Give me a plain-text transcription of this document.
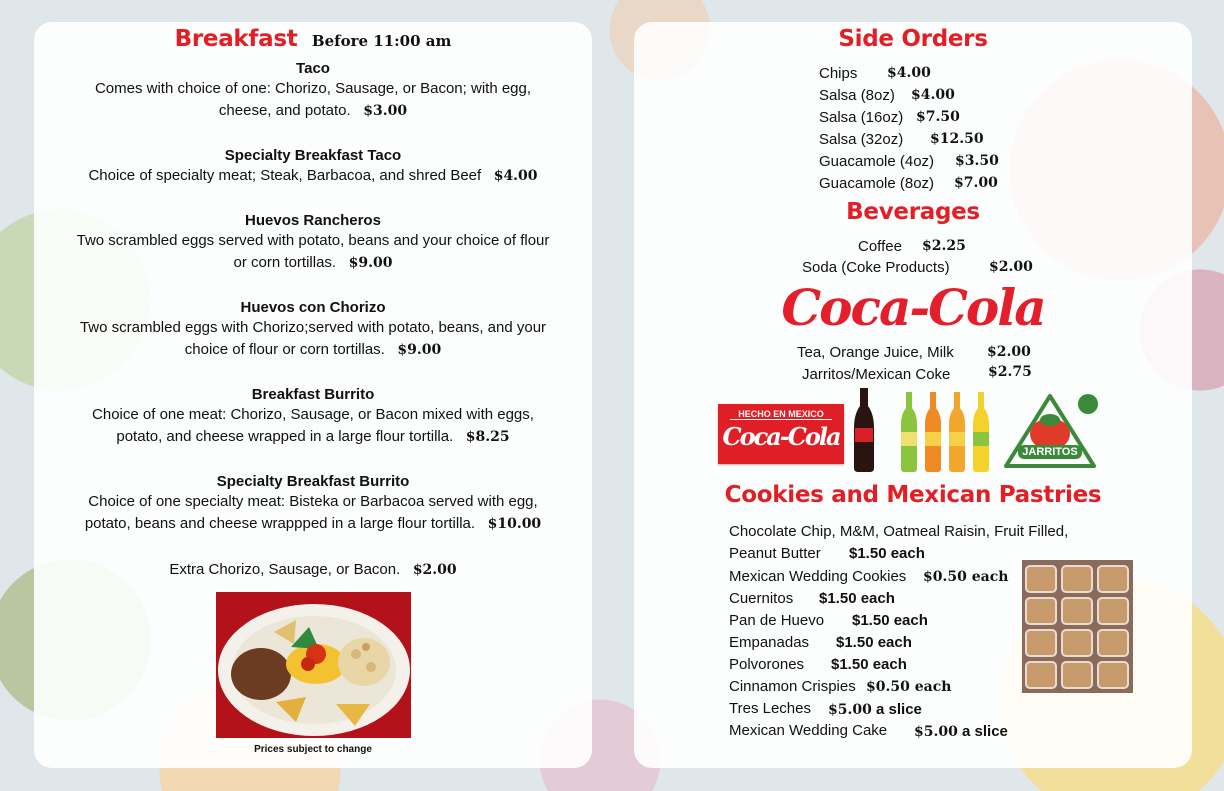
Breakfast Before 11:00 am
Taco
Comes with choice of one: Chorizo, Sausage, or Bacon; with egg,
cheese, and potato. $3.00
Specialty Breakfast Taco
Choice of specialty meat; Steak, Barbacoa, and shred Beef $4.00
Huevos Rancheros
Two scrambled eggs served with potato, beans and your choice of flour
or corn tortillas. $9.00
Huevos con Chorizo
Two scrambled eggs with Chorizo;served with potato, beans, and your
choice of flour or corn tortillas. $9.00
Breakfast Burrito
Choice of one meat: Chorizo, Sausage, or Bacon mixed with eggs,
potato, and cheese wrapped in a large flour tortilla. $8.25
Specialty Breakfast Burrito
Choice of one specialty meat: Bisteka or Barbacoa served with egg,
potato, beans and cheese wrappped in a large flour tortilla. $10.00
Extra Chorizo, Sausage, or Bacon. $2.00
Prices subject to change
Side Orders
Chips $4.00
Salsa (8oz) $4.00
Salsa (16oz) $7.50
Salsa (32oz) $12.50
Guacamole (4oz) $3.50
Guacamole (8oz) $7.00
Beverages
Coffee $2.25
Soda (Coke Products)	$2.00
Coca-Cola
Tea, Orange Juice, Milk $2.00
Jarritos/Mexican Coke	$2.75
HECHO EN MEXICO
Coca-Cola
JARRITOS
Cookies and Mexican Pastries
Chocolate Chip, M&M, Oatmeal Raisin, Fruit Filled,
Peanut Butter $1.50 each
Mexican Wedding Cookies $0.50 each
Cuernitos $1.50 each
Pan de Huevo $1.50 each
Empanadas $1.50 each
Polvorones $1.50 each
Cinnamon Crispies $0.50 each
Tres Leches $5.00 a slice
Mexican Wedding Cake $5.00 a slice
